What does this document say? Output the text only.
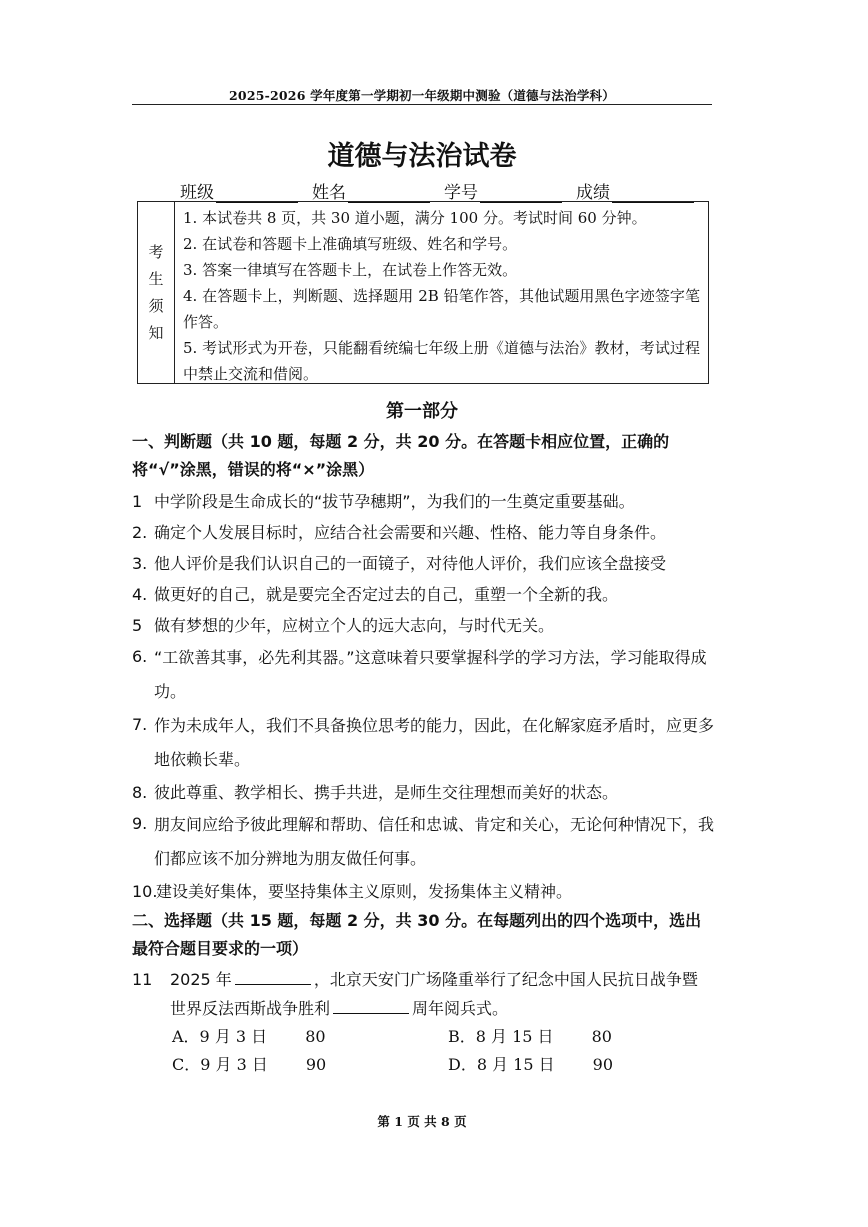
2025-2026 学年度第一学期初一年级期中测验（道德与法治学科）
道德与法治试卷
班级	姓名	学号	成绩
考
生
须
知
1. 本试卷共 8 页，共 30 道小题，满分 100 分。考试时间 60 分钟。
2. 在试卷和答题卡上准确填写班级、姓名和学号。
3. 答案一律填写在答题卡上，在试卷上作答无效。
4. 在答题卡上，判断题、选择题用 2B 铅笔作答，其他试题用黑色字迹签字笔作答。
5. 考试形式为开卷，只能翻看统编七年级上册《道德与法治》教材，考试过程中禁止交流和借阅。
第一部分
一、判断题（共 10 题，每题 2 分，共 20 分。在答题卡相应位置，正确的将“√”涂黑，错误的将“×”涂黑）
1 中学阶段是生命成长的“拔节孕穗期”，为我们的一生奠定重要基础。
2. 确定个人发展目标时，应结合社会需要和兴趣、性格、能力等自身条件。
3. 他人评价是我们认识自己的一面镜子，对待他人评价，我们应该全盘接受
4. 做更好的自己，就是要完全否定过去的自己，重塑一个全新的我。
5 做有梦想的少年，应树立个人的远大志向，与时代无关。
6. “工欲善其事，必先利其器。”这意味着只要掌握科学的学习方法，学习能取得成功。
7. 作为未成年人，我们不具备换位思考的能力，因此，在化解家庭矛盾时，应更多地依赖长辈。
8. 彼此尊重、教学相长、携手共进，是师生交往理想而美好的状态。
9. 朋友间应给予彼此理解和帮助、信任和忠诚、肯定和关心，无论何种情况下，我们都应该不加分辨地为朋友做任何事。
10.
建设美好集体，要坚持集体主义原则，发扬集体主义精神。
二、选择题（共 15 题，每题 2 分，共 30 分。在每题列出的四个选项中，选出最符合题目要求的一项）
11	2025 年	，北京天安门广场隆重举行了纪念中国人民抗日战争暨
世界反法西斯战争胜利	周年阅兵式。
A．9 月 3 日 80	B．8 月 15 日 80
C．9 月 3 日 90	D．8 月 15 日 90
第 1 页 共 8 页
